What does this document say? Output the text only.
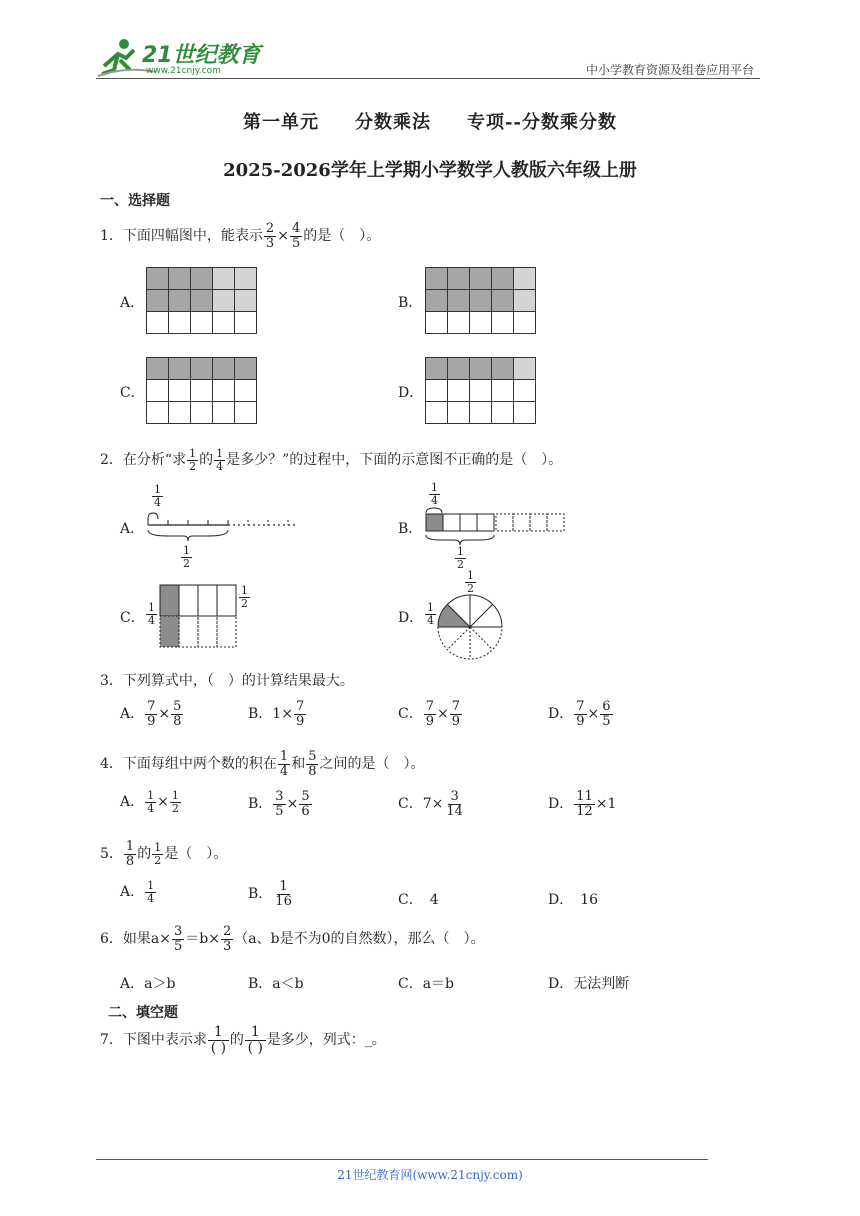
21世纪教育
www.21cnjy.com	中小学教育资源及组卷应用平台
第一单元 分数乘法 专项--分数乘分数
2025-2026学年上学期小学数学人教版六年级上册
一、选择题
1．下面四幅图中，能表示 $\frac{2}{3} \times \frac{4}{5}$ 的是（　）。
A．

					B．

C．

					D．

2．在分析“求 $\frac{1}{2}$ 的 $\frac{1}{4}$ 是多少？”的过程中，下面的示意图不正确的是（　）。
A．
$\frac{1}{4}$
$\frac{1}{2}$
B．
$\frac{1}{4}$
$\frac{1}{2}$
C． $\frac{1}{4}$
$\frac{1}{2}$
D． $\frac{1}{4}$
$\frac{1}{2}$
3．下列算式中，（　）的计算结果最大。
A． $\frac{7}{9} \times \frac{5}{8}$	B．$1\times \frac{7}{9}$	C． $\frac{7}{9} \times \frac{7}{9}$	D． $\frac{7}{9} \times \frac{6}{5}$
4．下面每组中两个数的积在 $\frac{1}{4}$ 和 $\frac{5}{8}$ 之间的是（　）。
A． $\frac{1}{4} \times \frac{1}{2}$	B． $\frac{3}{5} \times \frac{5}{6}$	C．$7\times \frac{3}{14}$	D． $\frac{11}{12} \times 1$
5． $\frac{1}{8}$ 的 $\frac{1}{2}$ 是（　）。
A． $\frac{1}{4}$	B． $\frac{1}{16}$	C．　4	D．　16
6．如果$a\times \frac{3}{5} =b\times \frac{2}{3} (a$、b是不为0的自然数），那么（　）。
A．a＞b	B．a＜b	C．a＝b	D．无法判断
二、填空题
7．下图中表示求 $\frac{1}{( )}$ 的 $\frac{1}{( )}$ 是多少，列式：_。
21世纪教育网(www.21cnjy.com)
